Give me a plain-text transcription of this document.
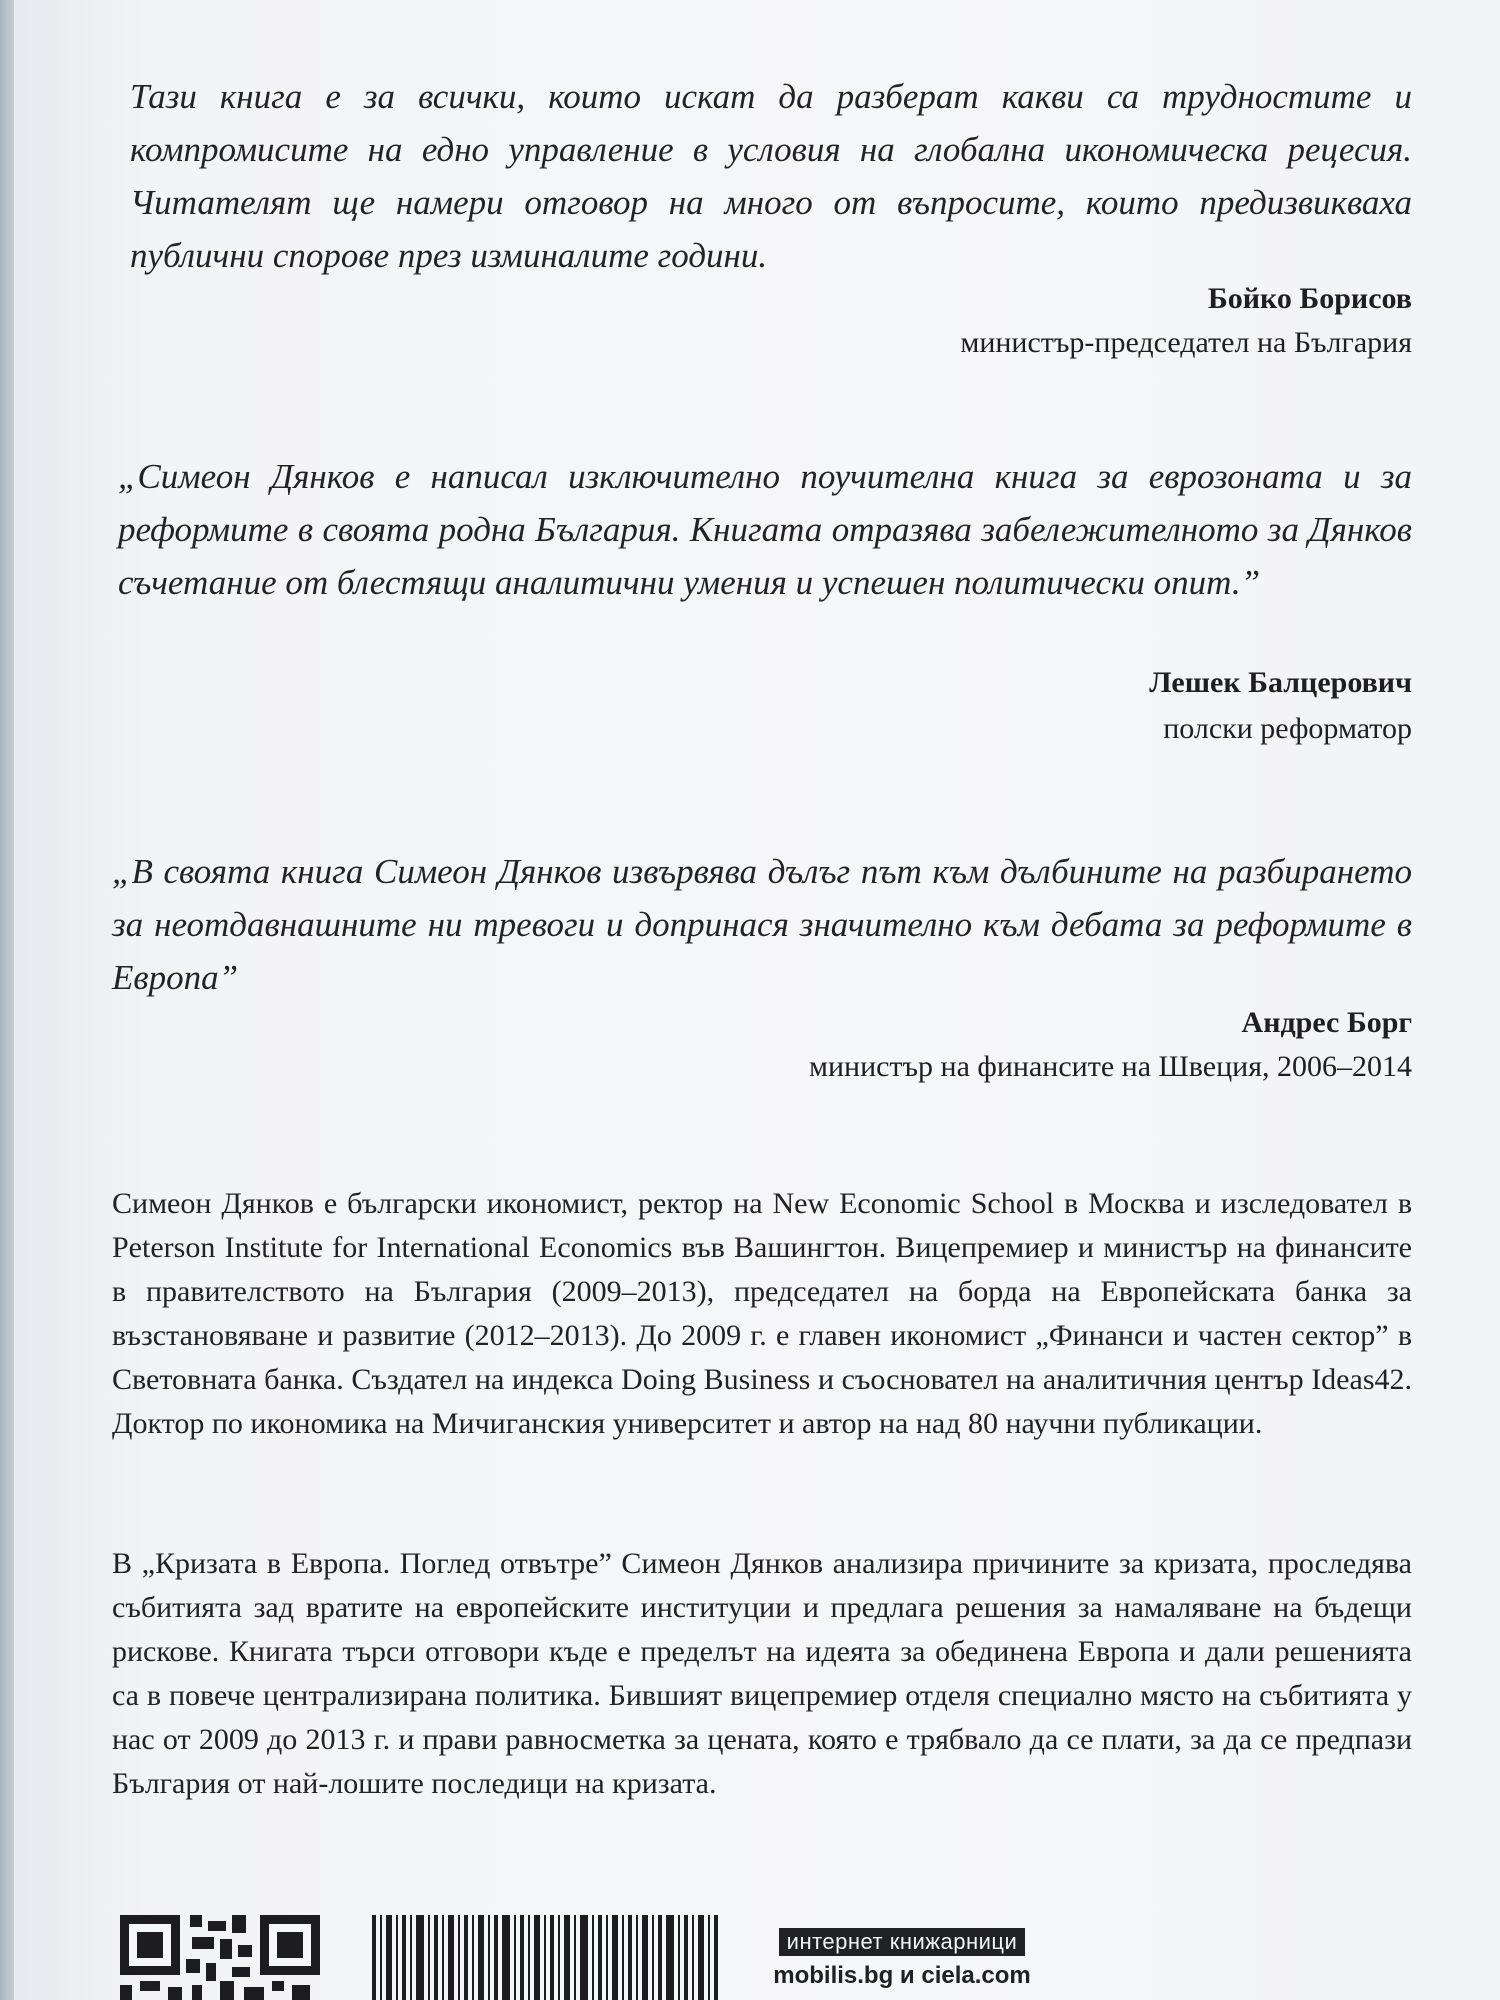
Тази книга е за всички, които искат да разберат какви са трудностите и компромисите на едно управление в условия на глобална икономическа рецесия. Читателят ще намери отговор на много от въпросите, които предизвикваха публични спорове през изминалите години.

Бойко Борисов

министър-председател на България

„Симеон Дянков е написал изключително поучителна книга за еврозоната и за реформите в своята родна България. Книгата отразява забележителното за Дянков съчетание от блестящи аналитични умения и успешен политически опит.”

Лешек Балцерович

полски реформатор

„В своята книга Симеон Дянков извървява дълъг път към дълбините на разбирането за неотдавнашните ни тревоги и допринася значително към дебата за реформите в Европа”

Андрес Борг

министър на финансите на Швеция, 2006–2014

Симеон Дянков е български икономист, ректор на New Economic School в Москва и изследовател в Peterson Institute for International Economics във Вашингтон. Вицепремиер и министър на финансите в правителството на България (2009–2013), председател на борда на Европейската банка за възстановяване и развитие (2012–2013). До 2009 г. е главен икономист „Финанси и частен сектор” в Световната банка. Създател на индекса Doing Business и съосновател на аналитичния център Ideas42. Доктор по икономика на Мичиганския университет и автор на над 80 научни публикации.

В „Кризата в Европа. Поглед отвътре” Симеон Дянков анализира причините за кризата, проследява събитията зад вратите на европейските институции и предлага решения за намаляване на бъдещи рискове. Книгата търси отговори къде е пределът на идеята за обединена Европа и дали решенията са в повече централизирана политика. Бившият вицепремиер отделя специално място на събитията у нас от 2009 до 2013 г. и прави равносметка за цената, която е трябвало да се плати, за да се предпази България от най-лошите последици на кризата.

интернет книжарници
mobilis.bg и ciela.com
